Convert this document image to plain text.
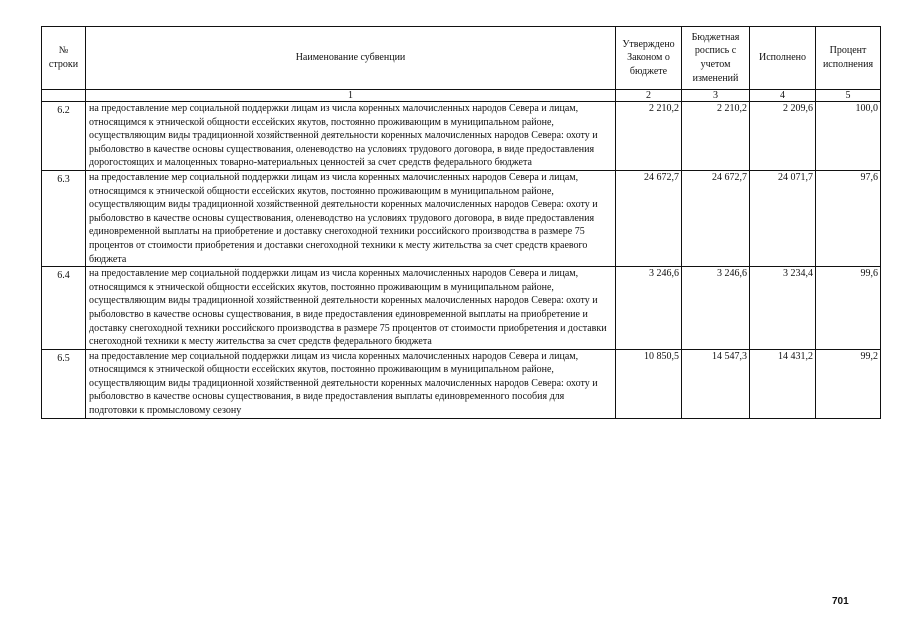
№ строки	Наименование субвенции	Утверждено Законом о бюджете	Бюджетная роспись с учетом изменений	Исполнено	Процент исполнения
	1	2	3	4	5
6.2	на предоставление мер социальной поддержки лицам из числа коренных малочисленных народов Севера и лицам, относящимся к этнической общности ессейских якутов, постоянно проживающим в муниципальном районе, осуществляющим виды традиционной хозяйственной деятельности коренных малочисленных народов Севера: охоту и рыболовство в качестве основы существования, оленеводство на условиях трудового договора, в виде предоставления дорогостоящих и малоценных товарно-материальных ценностей за счет средств федерального бюджета	2 210,2	2 210,2	2 209,6	100,0
6.3	на предоставление мер социальной поддержки лицам из числа коренных малочисленных народов Севера и лицам, относящимся к этнической общности ессейских якутов, постоянно проживающим в муниципальном районе, осуществляющим виды традиционной хозяйственной деятельности коренных малочисленных народов Севера: охоту и рыболовство в качестве основы существования, оленеводство на условиях трудового договора, в виде предоставления единовременной выплаты на приобретение и доставку снегоходной техники российского производства в размере 75 процентов от стоимости приобретения и доставки снегоходной техники к месту жительства за счет средств краевого бюджета	24 672,7	24 672,7	24 071,7	97,6
6.4	на предоставление мер социальной поддержки лицам из числа коренных малочисленных народов Севера и лицам, относящимся к этнической общности ессейских якутов, постоянно проживающим в муниципальном районе, осуществляющим виды традиционной хозяйственной деятельности коренных малочисленных народов Севера: охоту и рыболовство в качестве основы существования, в виде предоставления единовременной выплаты на приобретение и доставку снегоходной техники российского производства в размере 75 процентов от стоимости приобретения и доставки снегоходной техники к месту жительства за счет средств федерального бюджета	3 246,6	3 246,6	3 234,4	99,6
6.5	на предоставление мер социальной поддержки лицам из числа коренных малочисленных народов Севера и лицам, относящимся к этнической общности ессейских якутов, постоянно проживающим в муниципальном районе, осуществляющим виды традиционной хозяйственной деятельности коренных малочисленных народов Севера: охоту и рыболовство в качестве основы существования, в виде предоставления выплаты единовременного пособия для подготовки к промысловому сезону	10 850,5	14 547,3	14 431,2	99,2
701
